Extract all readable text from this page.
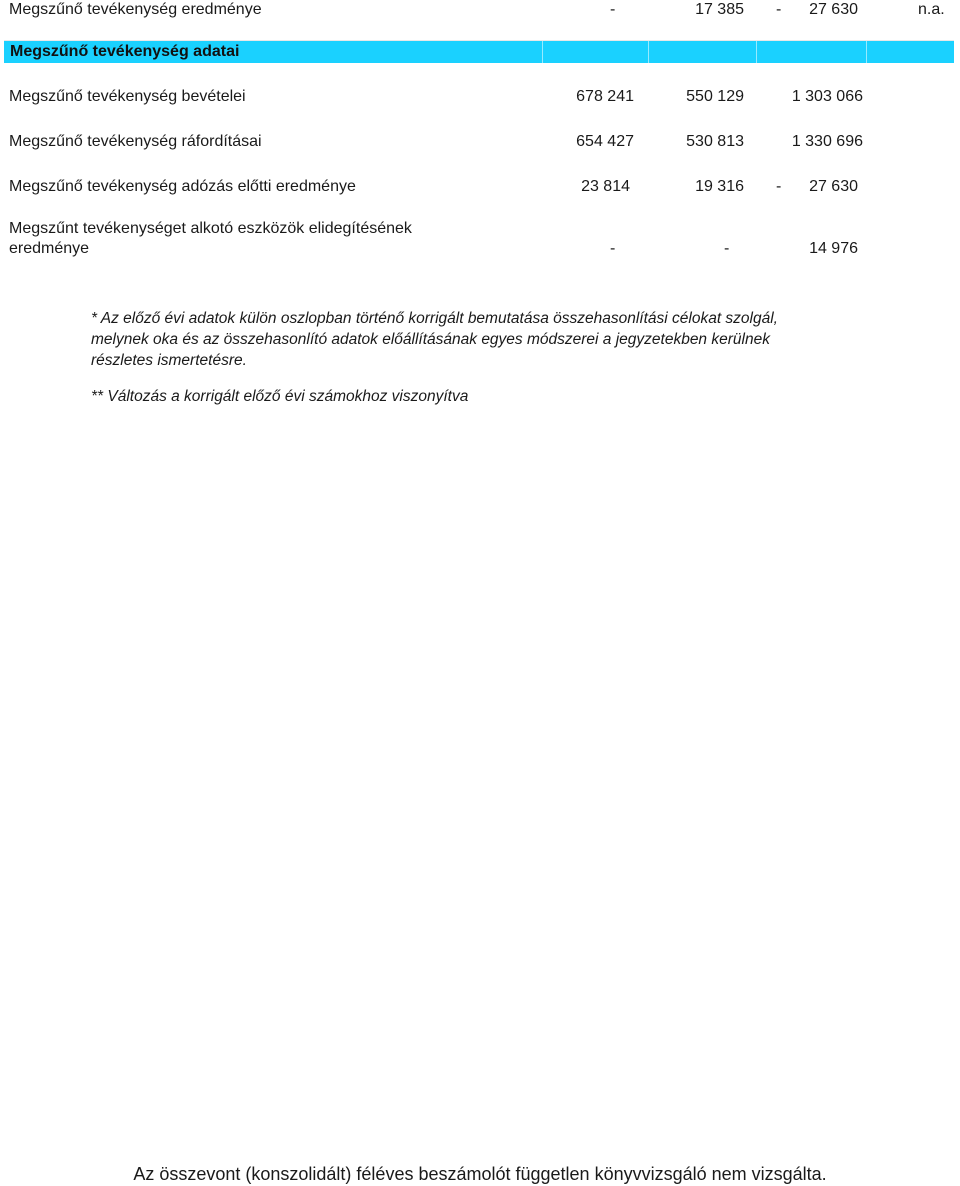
Megszűnő tevékenység eredménye	-	17 385 -	27 630	n.a.
Megszűnő tevékenység adatai
Megszűnő tevékenység bevételei	678 241	550 129	1 303 066
Megszűnő tevékenység ráfordításai	654 427	530 813	1 330 696
Megszűnő tevékenység adózás előtti eredménye	23 814	19 316 -	27 630
Megszűnt tevékenységet alkotó eszközök elidegítésének
eredménye	-	-	14 976
* Az előző évi adatok külön oszlopban történő korrigált bemutatása összehasonlítási célokat szolgál,
melynek oka és az összehasonlító adatok előállításának egyes módszerei a jegyzetekben kerülnek
részletes ismertetésre.
** Változás a korrigált előző évi számokhoz viszonyítva
Az összevont (konszolidált) féléves beszámolót független könyvvizsgáló nem vizsgálta.
